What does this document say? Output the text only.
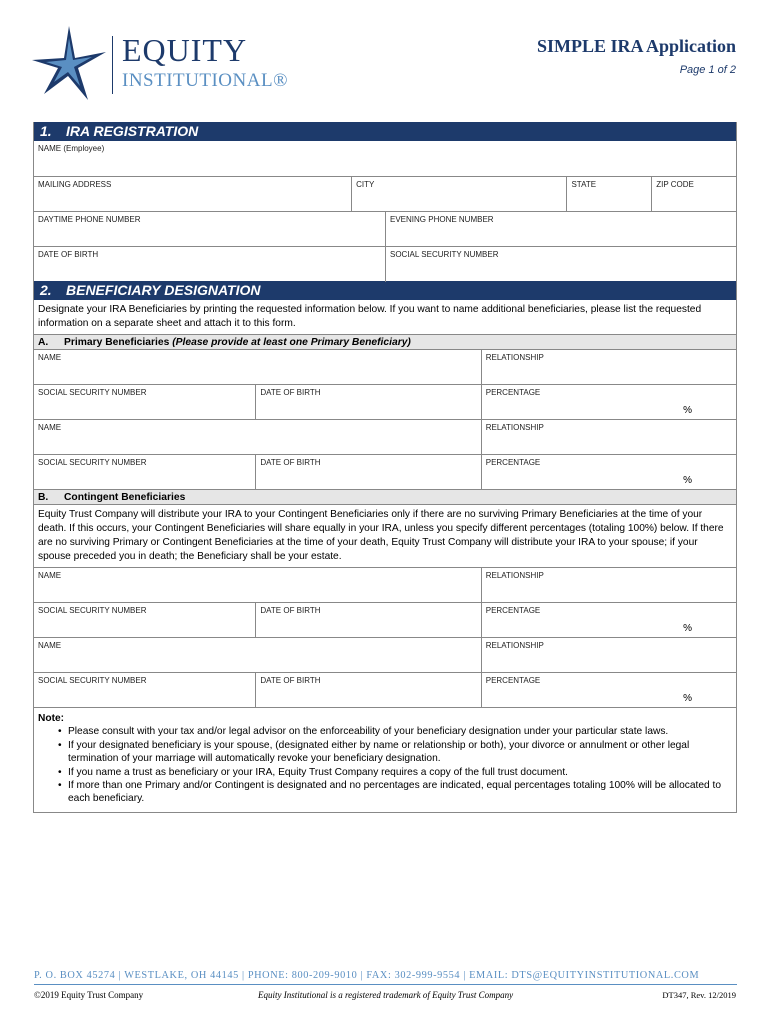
EQUITY
INSTITUTIONAL®
SIMPLE IRA Application
Page 1 of 2
1. IRA REGISTRATION
NAME (Employee)
MAILING ADDRESS	CITY	STATE	ZIP CODE
DAYTIME PHONE NUMBER	EVENING PHONE NUMBER
DATE OF BIRTH	SOCIAL SECURITY NUMBER
2. BENEFICIARY DESIGNATION
Designate your IRA Beneficiaries by printing the requested information below. If you want to name additional beneficiaries, please list the requested information on a separate sheet and attach it to this form.
A. Primary Beneficiaries (Please provide at least one Primary Beneficiary)
NAME	RELATIONSHIP
SOCIAL SECURITY NUMBER	DATE OF BIRTH	PERCENTAGE
%
NAME	RELATIONSHIP
SOCIAL SECURITY NUMBER	DATE OF BIRTH	PERCENTAGE
%
B. Contingent Beneficiaries
Equity Trust Company will distribute your IRA to your Contingent Beneficiaries only if there are no surviving Primary Beneficiaries at the time of your death. If this occurs, your Contingent Beneficiaries will share equally in your IRA, unless you specify different percentages (totaling 100%) below. If there are no surviving Primary or Contingent Beneficiaries at the time of your death, Equity Trust Company will distribute your IRA to your spouse; if your spouse preceded you in death; the Beneficiary shall be your estate.
NAME	RELATIONSHIP
SOCIAL SECURITY NUMBER	DATE OF BIRTH	PERCENTAGE
%
NAME	RELATIONSHIP
SOCIAL SECURITY NUMBER	DATE OF BIRTH	PERCENTAGE
%
Note:
• Please consult with your tax and/or legal advisor on the enforceability of your beneficiary designation under your particular state laws.
• If your designated beneficiary is your spouse, (designated either by name or relationship or both), your divorce or annulment or other legal termination of your marriage will automatically revoke your beneficiary designation.
• If you name a trust as beneficiary or your IRA, Equity Trust Company requires a copy of the full trust document.
• If more than one Primary and/or Contingent is designated and no percentages are indicated, equal percentages totaling 100% will be allocated to each beneficiary.
P. O. BOX 45274 | WESTLAKE, OH 44145 | PHONE: 800-209-9010 | FAX: 302-999-9554 | EMAIL: DTS@EQUITYINSTITUTIONAL.COM
©2019 Equity Trust Company	Equity Institutional is a registered trademark of Equity Trust Company	DT347, Rev. 12/2019
